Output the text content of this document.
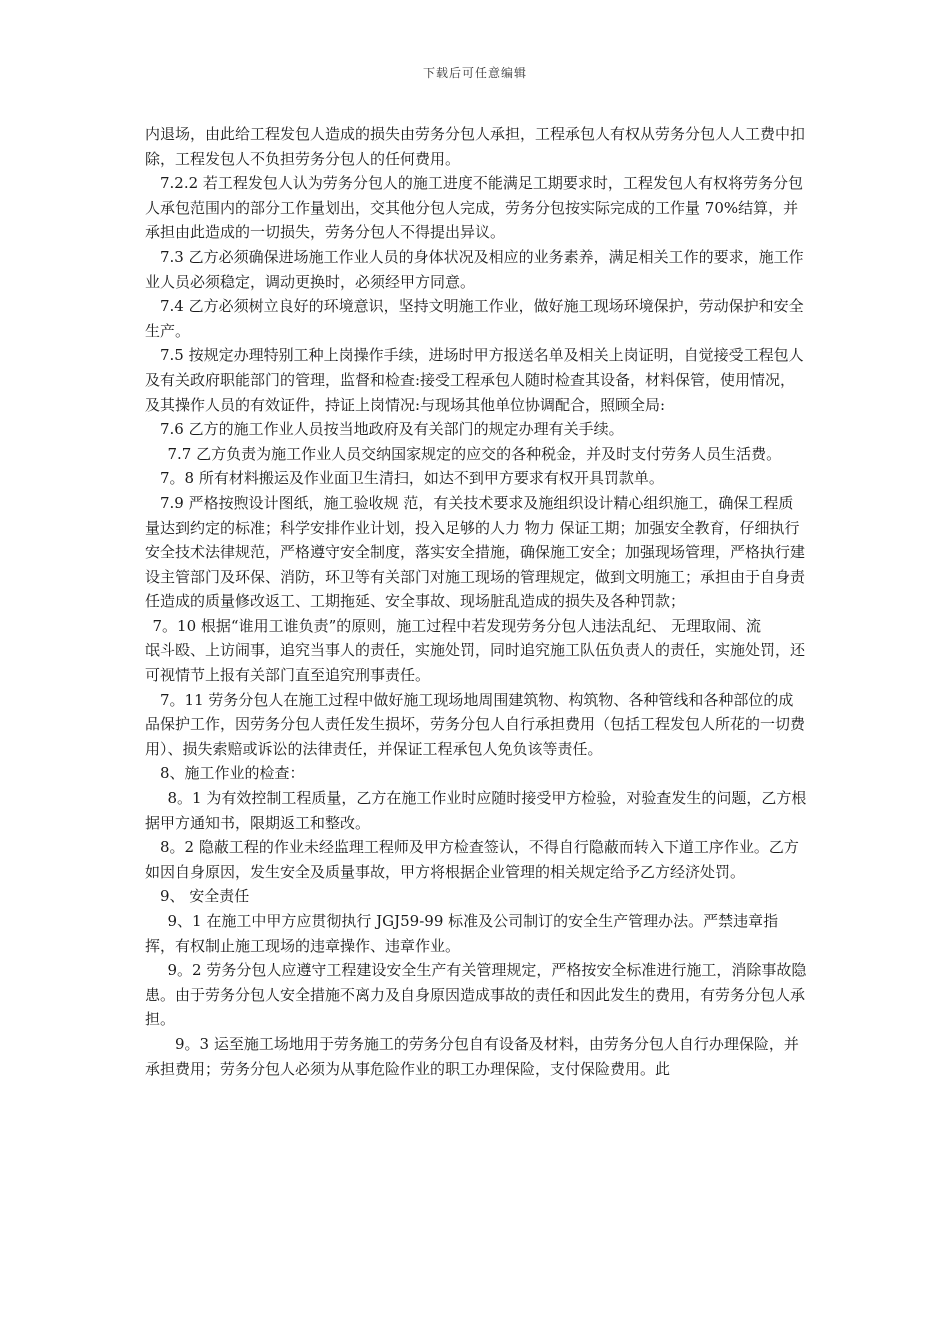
下载后可任意编辑

内退场，由此给工程发包人造成的损失由劳务分包人承担，工程承包人有权从劳务分包人人工费中扣除，工程发包人不负担劳务分包人的任何费用。

7.2.2 若工程发包人认为劳务分包人的施工进度不能满足工期要求时，工程发包人有权将劳务分包人承包范围内的部分工作量划出，交其他分包人完成，劳务分包按实际完成的工作量 70%结算，并承担由此造成的一切损失，劳务分包人不得提出异议。

7.3 乙方必须确保进场施工作业人员的身体状况及相应的业务素养，满足相关工作的要求，施工作业人员必须稳定，调动更换时，必须经甲方同意。

7.4 乙方必须树立良好的环境意识，坚持文明施工作业，做好施工现场环境保护，劳动保护和安全生产。

7.5 按规定办理特别工种上岗操作手续，进场时甲方报送名单及相关上岗证明，自觉接受工程包人及有关政府职能部门的管理，监督和检查:接受工程承包人随时检查其设备，材料保管，使用情况，及其操作人员的有效证件，持证上岗情况:与现场其他单位协调配合，照顾全局:

7.6 乙方的施工作业人员按当地政府及有关部门的规定办理有关手续。

7.7 乙方负责为施工作业人员交纳国家规定的应交的各种税金，并及时支付劳务人员生活费。

7。8 所有材料搬运及作业面卫生清扫，如达不到甲方要求有权开具罚款单。

7.9 严格按煦设计图纸，施工验收规 范，有关技术要求及施组织设计精心组织施工，确保工程质量达到约定的标准；科学安排作业计划，投入足够的人力 物力 保证工期；加强安全教育，仔细执行安全技术法律规范，严格遵守安全制度，落实安全措施，确保施工安全；加强现场管理，严格执行建设主管部门及环保、消防，环卫等有关部门对施工现场的管理规定，做到文明施工；承担由于自身责任造成的质量修改返工、工期拖延、安全事故、现场脏乱造成的损失及各种罚款；

7。10 根据“谁用工谁负责”的原则，施工过程中若发现劳务分包人违法乱纪、 无理取闹、流

氓斗殴、上访闹事，追究当事人的责任，实施处罚，同时追究施工队伍负责人的责任，实施处罚，还可视情节上报有关部门直至追究刑事责任。

7。11 劳务分包人在施工过程中做好施工现场地周围建筑物、构筑物、各种管线和各种部位的成品保护工作，因劳务分包人责任发生损坏，劳务分包人自行承担费用（包括工程发包人所花的一切费用）、损失索赔或诉讼的法律责任，并保证工程承包人免负该等责任。

8、施工作业的检查：

8。1 为有效控制工程质量，乙方在施工作业时应随时接受甲方检验，对验查发生的问题，乙方根据甲方通知书，限期返工和整改。

8。2 隐蔽工程的作业未经监理工程师及甲方检查签认，不得自行隐蔽而转入下道工序作业。乙方如因自身原因，发生安全及质量事故，甲方将根据企业管理的相关规定给予乙方经济处罚。

9、 安全责任

9、1 在施工中甲方应贯彻执行 JGJ59-99 标准及公司制订的安全生产管理办法。严禁违章指挥，有权制止施工现场的违章操作、违章作业。

9。2 劳务分包人应遵守工程建设安全生产有关管理规定，严格按安全标准进行施工，消除事故隐患。由于劳务分包人安全措施不离力及自身原因造成事故的责任和因此发生的费用，有劳务分包人承担。

9。3 运至施工场地用于劳务施工的劳务分包自有设备及材料，由劳务分包人自行办理保险，并承担费用；劳务分包人必须为从事危险作业的职工办理保险，支付保险费用。此
